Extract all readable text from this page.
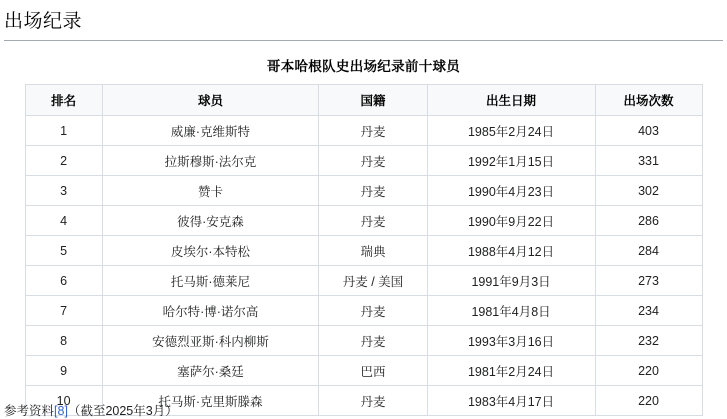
出场纪录
哥本哈根队史出场纪录前十球员
排名	球员	国籍	出生日期	出场次数
1	威廉·克维斯特	丹麦	1985年2月24日	403
2	拉斯穆斯·法尔克	丹麦	1992年1月15日	331
3	赞卡	丹麦	1990年4月23日	302
4	彼得·安克森	丹麦	1990年9月22日	286
5	皮埃尔·本特松	瑞典	1988年4月12日	284
6	托马斯·德莱尼	丹麦 / 美国	1991年9月3日	273
7	哈尔特·博·诺尔高	丹麦	1981年4月8日	234
8	安德烈亚斯·科内柳斯	丹麦	1993年3月16日	232
9	塞萨尔·桑廷	巴西	1981年2月24日	220
10	托马斯·克里斯滕森	丹麦	1983年4月17日	220
参考资料[8]（截至2025年3月）
